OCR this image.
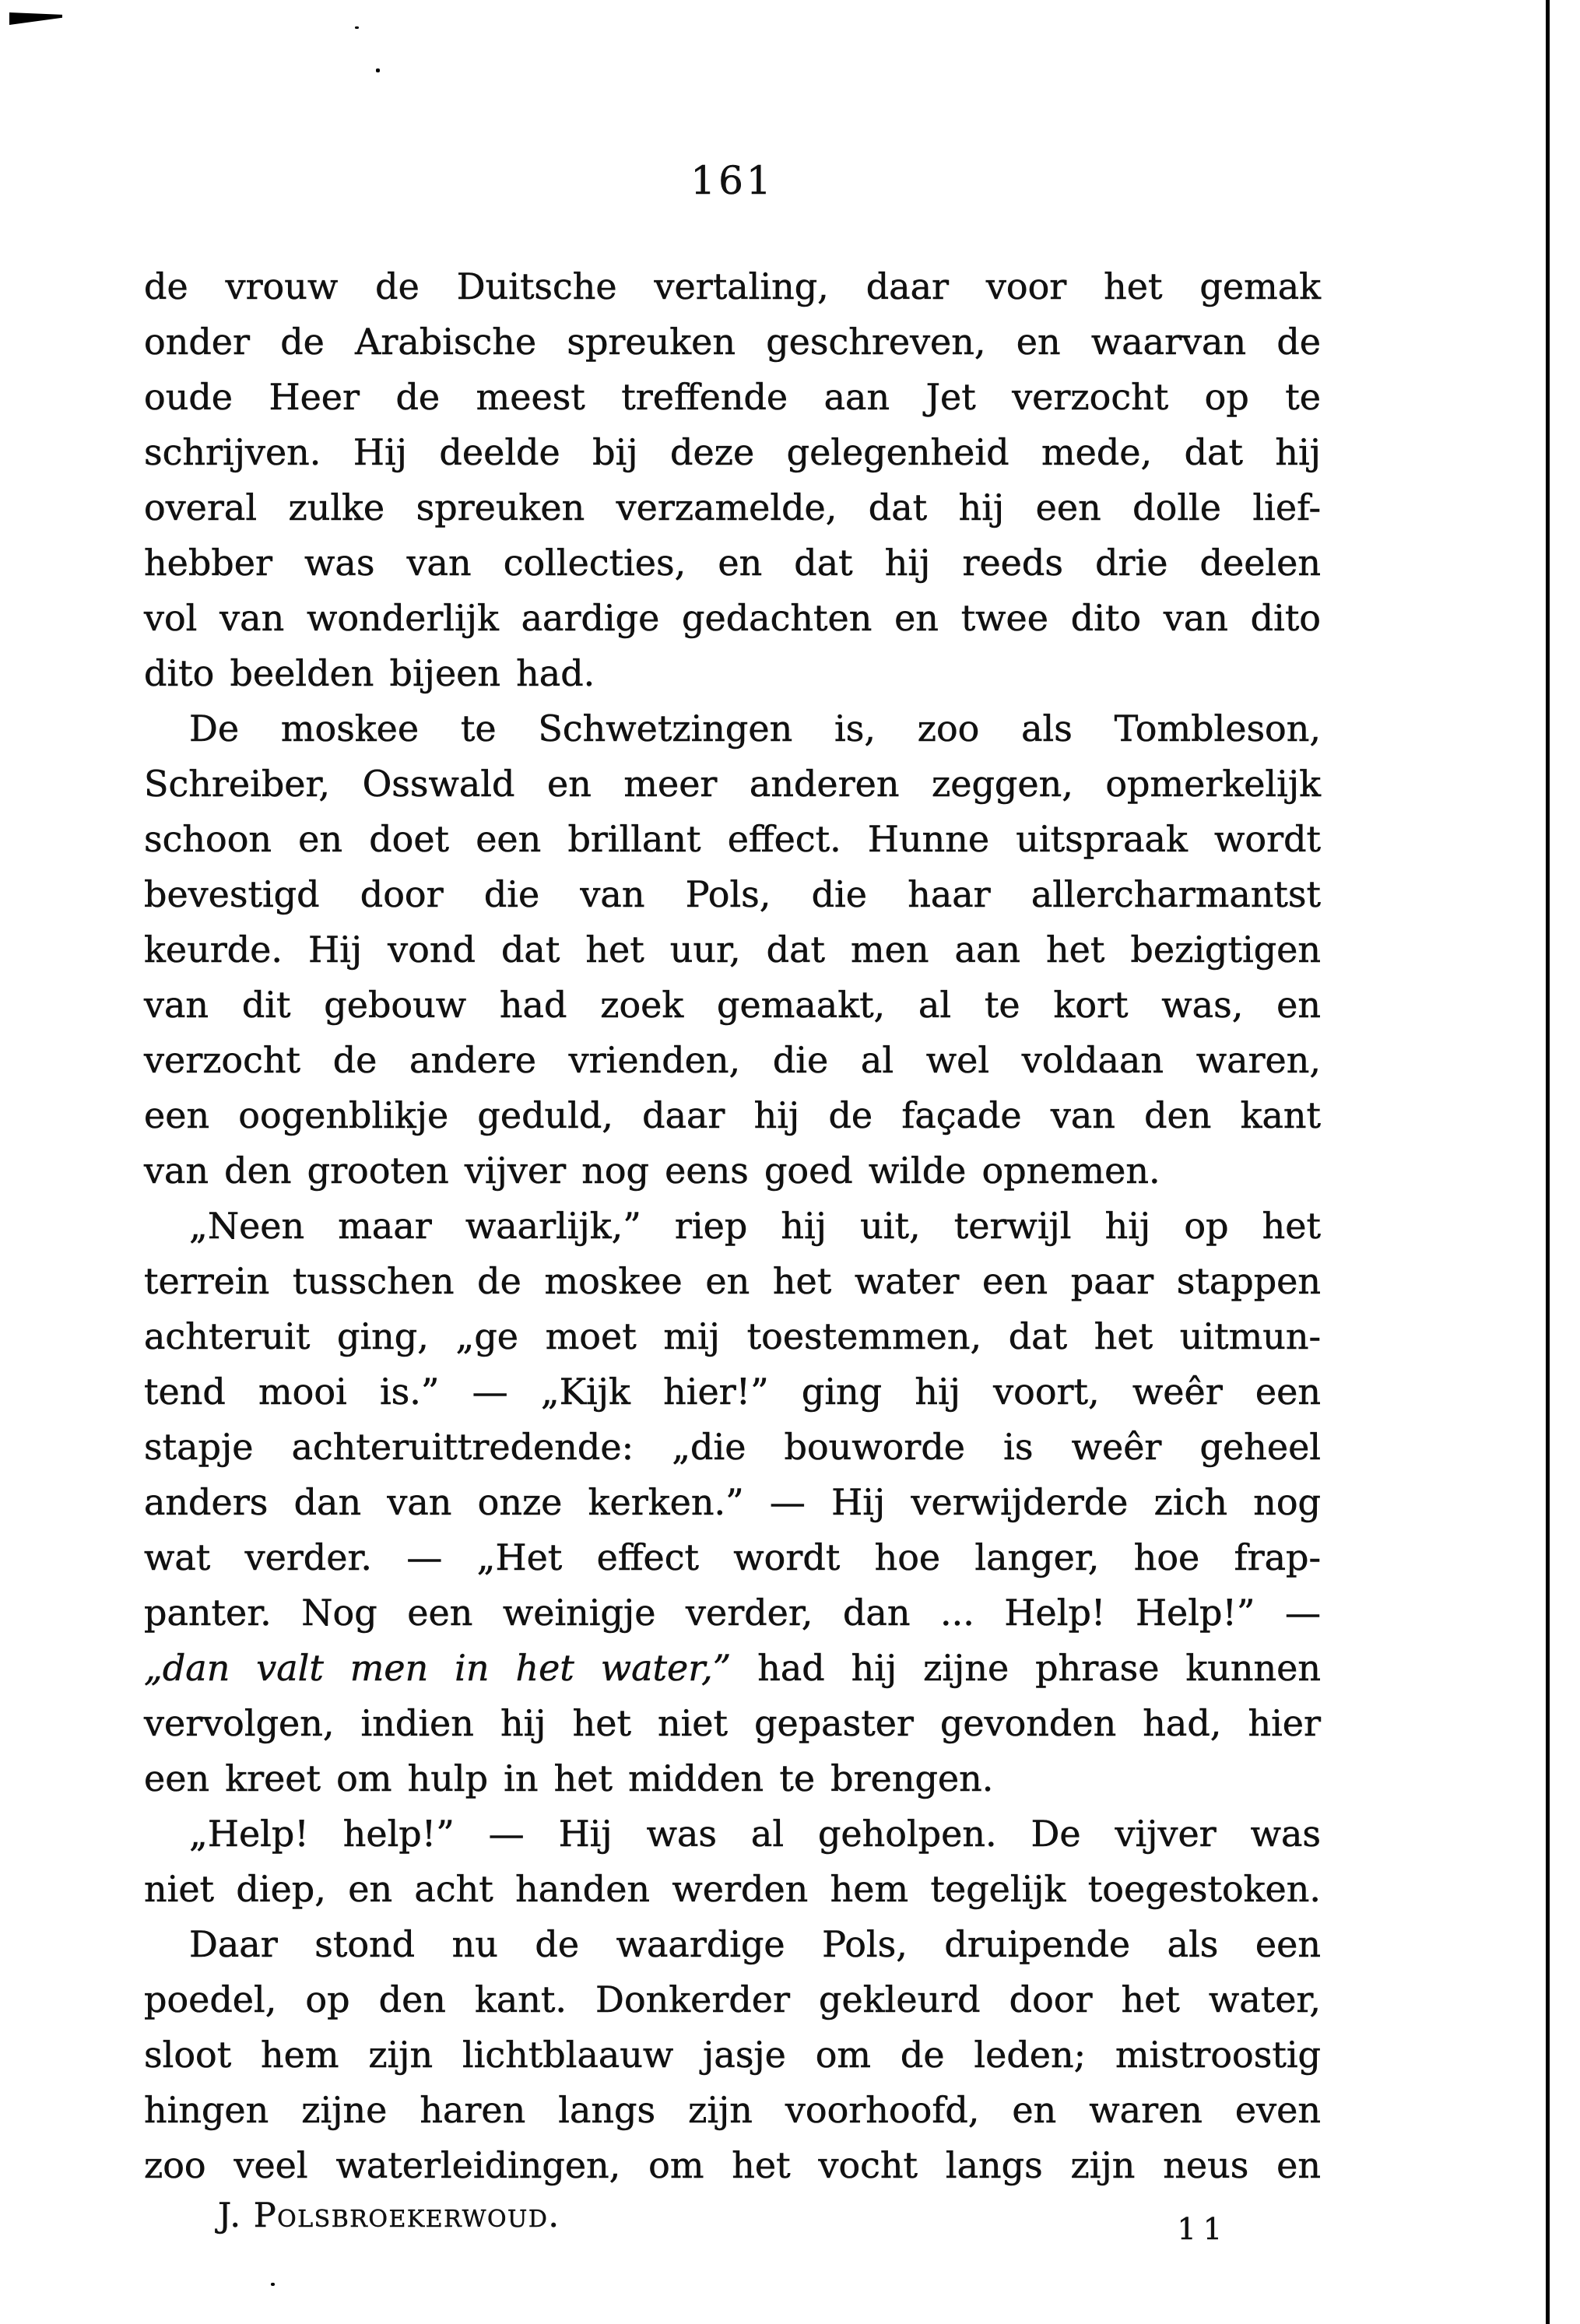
161
de vrouw de Duitsche vertaling, daar voor het gemak
onder de Arabische spreuken geschreven, en waarvan de
oude Heer de meest treffende aan Jet verzocht op te
schrijven. Hij deelde bij deze gelegenheid mede, dat hij
overal zulke spreuken verzamelde, dat hij een dolle lief-
hebber was van collecties, en dat hij reeds drie deelen
vol van wonderlijk aardige gedachten en twee dito van dito
dito beelden bijeen had.
De moskee te Schwetzingen is, zoo als Tombleson,
Schreiber, Osswald en meer anderen zeggen, opmerkelijk
schoon en doet een brillant effect. Hunne uitspraak wordt
bevestigd door die van Pols, die haar allercharmantst
keurde. Hij vond dat het uur, dat men aan het bezigtigen
van dit gebouw had zoek gemaakt, al te kort was, en
verzocht de andere vrienden, die al wel voldaan waren,
een oogenblikje geduld, daar hij de façade van den kant
van den grooten vijver nog eens goed wilde opnemen.
„Neen maar waarlijk,” riep hij uit, terwijl hij op het
terrein tusschen de moskee en het water een paar stappen
achteruit ging, „ge moet mij toestemmen, dat het uitmun-
tend mooi is.” — „Kijk hier!” ging hij voort, weêr een
stapje achteruittredende: „die bouworde is weêr geheel
anders dan van onze kerken.” — Hij verwijderde zich nog
wat verder. — „Het effect wordt hoe langer, hoe frap-
panter. Nog een weinigje verder, dan ... Help! Help!” —
„dan valt men in het water,” had hij zijne phrase kunnen
vervolgen, indien hij het niet gepaster gevonden had, hier
een kreet om hulp in het midden te brengen.
„Help! help!” — Hij was al geholpen. De vijver was
niet diep, en acht handen werden hem tegelijk toegestoken.
Daar stond nu de waardige Pols, druipende als een
poedel, op den kant. Donkerder gekleurd door het water,
sloot hem zijn lichtblaauw jasje om de leden; mistroostig
hingen zijne haren langs zijn voorhoofd, en waren even
zoo veel waterleidingen, om het vocht langs zijn neus en
J. Polsbroekerwoud.	11
